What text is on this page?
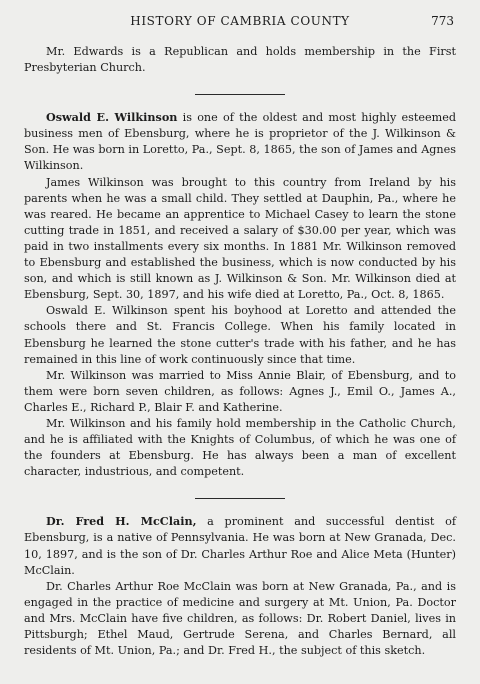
HISTORY OF CAMBRIA COUNTY	773

Mr. Edwards is a Republican and holds membership in the First Presbyterian Church.

Oswald E. Wilkinson is one of the oldest and most highly esteemed business men of Ebensburg, where he is proprietor of the J. Wilkinson & Son. He was born in Loretto, Pa., Sept. 8, 1865, the son of James and Agnes Wilkinson.

James Wilkinson was brought to this country from Ireland by his parents when he was a small child. They settled at Dauphin, Pa., where he was reared. He became an apprentice to Michael Casey to learn the stone cutting trade in 1851, and received a salary of $30.00 per year, which was paid in two installments every six months. In 1881 Mr. Wilkinson removed to Ebensburg and established the business, which is now conducted by his son, and which is still known as J. Wilkinson & Son. Mr. Wilkinson died at Ebensburg, Sept. 30, 1897, and his wife died at Loretto, Pa., Oct. 8, 1865.

Oswald E. Wilkinson spent his boyhood at Loretto and attended the schools there and St. Francis College. When his family located in Ebensburg he learned the stone cutter's trade with his father, and he has remained in this line of work continuously since that time.

Mr. Wilkinson was married to Miss Annie Blair, of Ebensburg, and to them were born seven children, as follows: Agnes J., Emil O., James A., Charles E., Richard P., Blair F. and Katherine.

Mr. Wilkinson and his family hold membership in the Catholic Church, and he is affiliated with the Knights of Columbus, of which he was one of the founders at Ebensburg. He has always been a man of excellent character, industrious, and competent.

Dr. Fred H. McClain, a prominent and successful dentist of Ebensburg, is a native of Pennsylvania. He was born at New Granada, Dec. 10, 1897, and is the son of Dr. Charles Arthur Roe and Alice Meta (Hunter) McClain.

Dr. Charles Arthur Roe McClain was born at New Granada, Pa., and is engaged in the practice of medicine and surgery at Mt. Union, Pa. Doctor and Mrs. McClain have five children, as follows: Dr. Robert Daniel, lives in Pittsburgh; Ethel Maud, Gertrude Serena, and Charles Bernard, all residents of Mt. Union, Pa.; and Dr. Fred H., the subject of this sketch.
